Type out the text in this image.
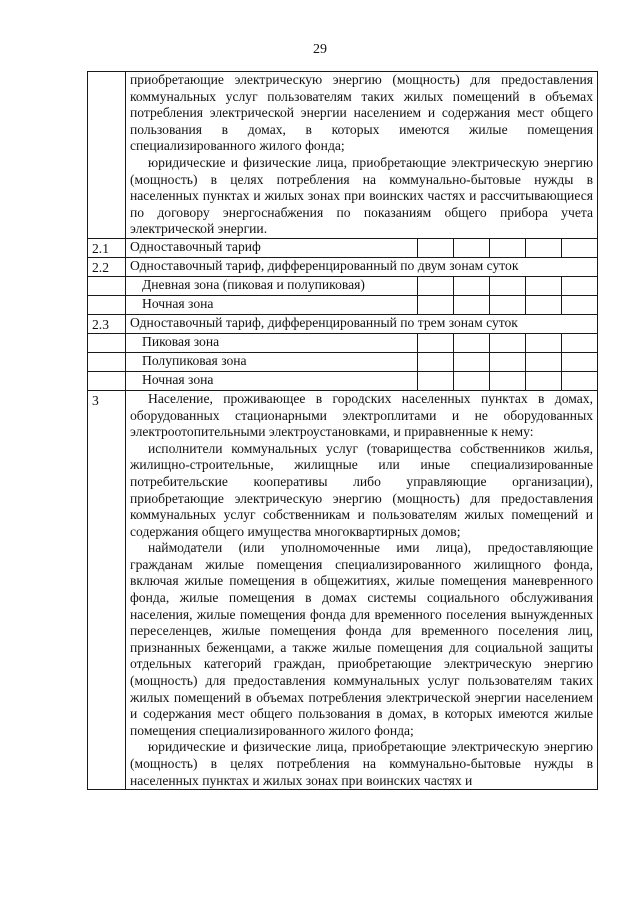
29

	приобретающие электрическую энергию (мощность) для предоставления коммунальных услуг пользователям таких жилых помещений в объемах потребления электрической энергии населением и содержания мест общего пользования в домах, в которых имеются жилые помещения специализированного жилого фонда;

юридические и физические лица, приобретающие электрическую энергию (мощность) в целях потребления на коммунально-бытовые нужды в населенных пунктах и жилых зонах при воинских частях и рассчитывающиеся по договору энергоснабжения по показаниям общего прибора учета электрической энергии.

2.1	Одноставочный тариф

2.2	Одноставочный тариф, дифференцированный по двум зонам суток

	Дневная зона (пиковая и полупиковая)

	Ночная зона

2.3	Одноставочный тариф, дифференцированный по трем зонам суток

	Пиковая зона

	Полупиковая зона

	Ночная зона

3	Население, проживающее в городских населенных пунктах в домах, оборудованных стационарными электроплитами и не оборудованных электроотопительными электроустановками, и приравненные к нему:

исполнители коммунальных услуг (товарищества собственников жилья, жилищно-строительные, жилищные или иные специализированные потребительские кооперативы либо управляющие организации), приобретающие электрическую энергию (мощность) для предоставления коммунальных услуг собственникам и пользователям жилых помещений и содержания общего имущества многоквартирных домов;

наймодатели (или уполномоченные ими лица), предоставляющие гражданам жилые помещения специализированного жилищного фонда, включая жилые помещения в общежитиях, жилые помещения маневренного фонда, жилые помещения в домах системы социального обслуживания населения, жилые помещения фонда для временного поселения вынужденных переселенцев, жилые помещения фонда для временного поселения лиц, признанных беженцами, а также жилые помещения для социальной защиты отдельных категорий граждан, приобретающие электрическую энергию (мощность) для предоставления коммунальных услуг пользователям таких жилых помещений в объемах потребления электрической энергии населением и содержания мест общего пользования в домах, в которых имеются жилые помещения специализированного жилого фонда;

юридические и физические лица, приобретающие электрическую энергию (мощность) в целях потребления на коммунально-бытовые нужды в населенных пунктах и жилых зонах при воинских частях и
